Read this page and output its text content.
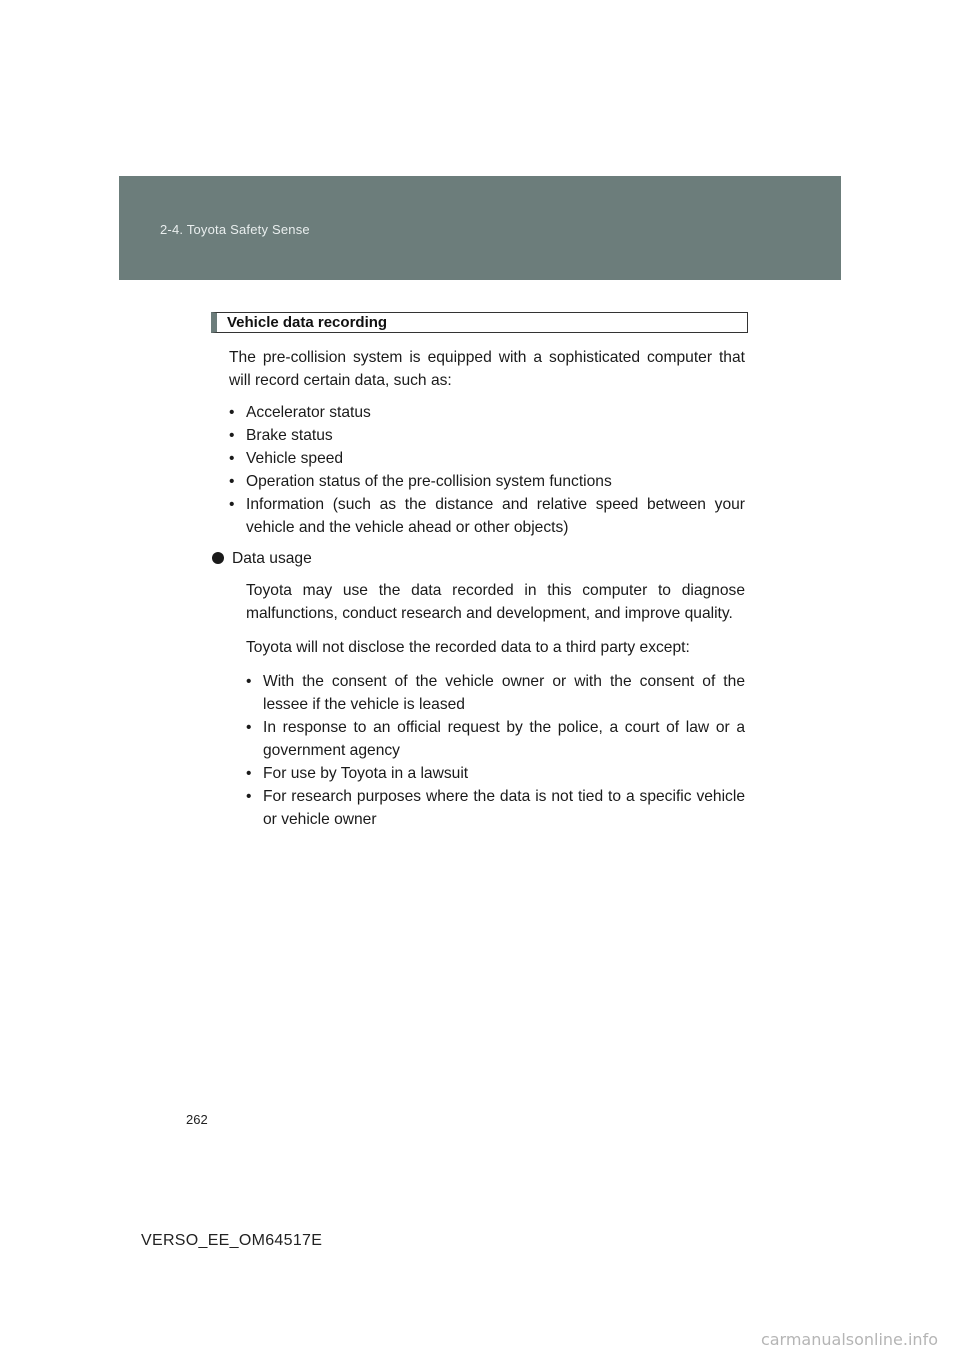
2-4. Toyota Safety Sense
Vehicle data recording

The pre-collision system is equipped with a sophisticated computer that will record certain data, such as:

• Accelerator status
• Brake status
• Vehicle speed
• Operation status of the pre-collision system functions
• Information (such as the distance and relative speed between your vehicle and the vehicle ahead or other objects)
Data usage

Toyota may use the data recorded in this computer to diagnose malfunctions, conduct research and development, and improve quality.

Toyota will not disclose the recorded data to a third party except:

• With the consent of the vehicle owner or with the consent of the lessee if the vehicle is leased
• In response to an official request by the police, a court of law or a government agency
• For use by Toyota in a lawsuit
• For research purposes where the data is not tied to a specific vehicle or vehicle owner
262
VERSO_EE_OM64517E
carmanualsonline.info
